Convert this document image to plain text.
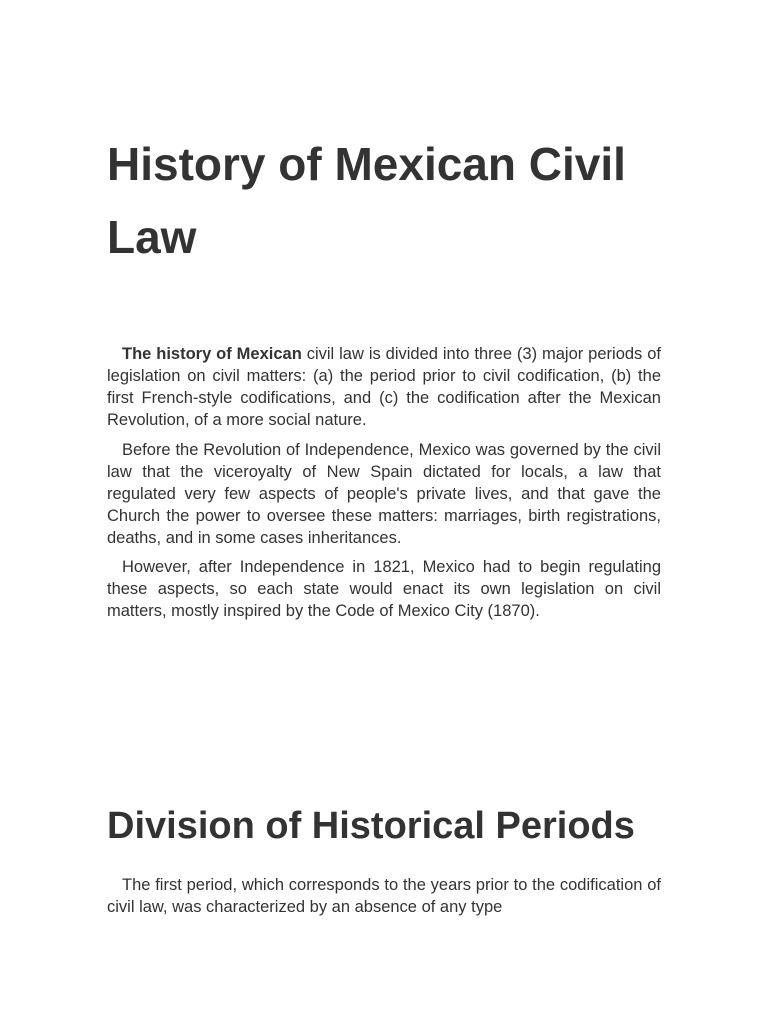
History of Mexican Civil Law

The history of Mexican civil law is divided into three (3) major periods of legislation on civil matters: (a) the period prior to civil codification, (b) the first French-style codifications, and (c) the codification after the Mexican Revolution, of a more social nature.

Before the Revolution of Independence, Mexico was governed by the civil law that the viceroyalty of New Spain dictated for locals, a law that regulated very few aspects of people's private lives, and that gave the Church the power to oversee these matters: marriages, birth registrations, deaths, and in some cases inheritances.

However, after Independence in 1821, Mexico had to begin regulating these aspects, so each state would enact its own legislation on civil matters, mostly inspired by the Code of Mexico City (1870).

Division of Historical Periods

The first period, which corresponds to the years prior to the codification of civil law, was characterized by an absence of any type
